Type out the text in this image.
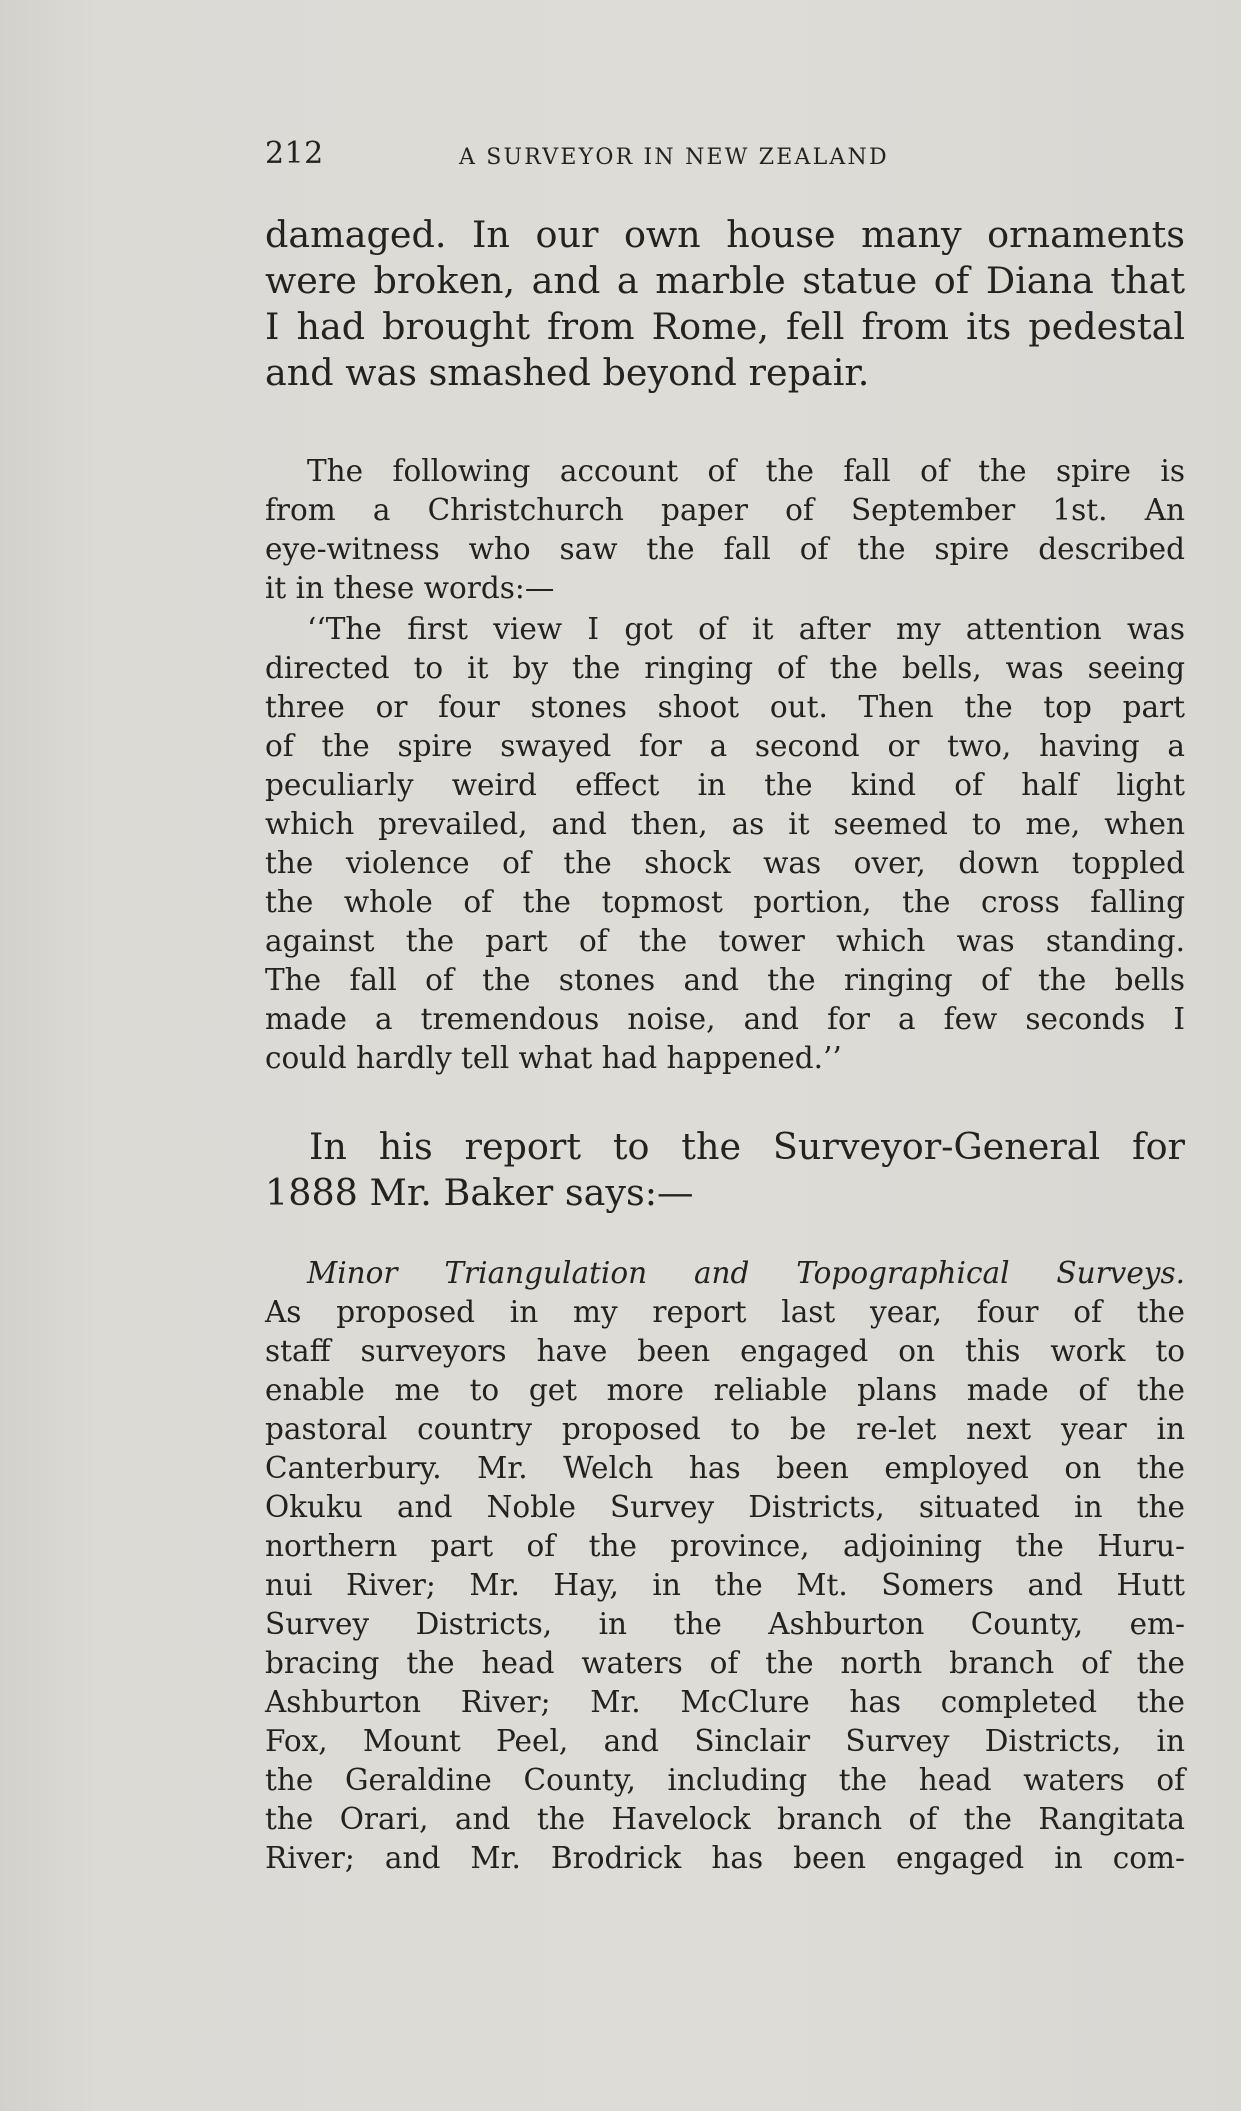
212	A SURVEYOR IN NEW ZEALAND
damaged. In our own house many ornaments
were broken, and a marble statue of Diana that
I had brought from Rome, fell from its pedestal
and was smashed beyond repair.
The following account of the fall of the spire is
from a Christchurch paper of September 1st. An
eye-witness who saw the fall of the spire described
it in these words:—
‘‘The first view I got of it after my attention was
directed to it by the ringing of the bells, was seeing
three or four stones shoot out. Then the top part
of the spire swayed for a second or two, having a
peculiarly weird effect in the kind of half light
which prevailed, and then, as it seemed to me, when
the violence of the shock was over, down toppled
the whole of the topmost portion, the cross falling
against the part of the tower which was standing.
The fall of the stones and the ringing of the bells
made a tremendous noise, and for a few seconds I
could hardly tell what had happened.’’
In his report to the Surveyor-General for
1888 Mr. Baker says:—
Minor Triangulation and Topographical Surveys.
As proposed in my report last year, four of the
staff surveyors have been engaged on this work to
enable me to get more reliable plans made of the
pastoral country proposed to be re-let next year in
Canterbury. Mr. Welch has been employed on the
Okuku and Noble Survey Districts, situated in the
northern part of the province, adjoining the Huru-
nui River; Mr. Hay, in the Mt. Somers and Hutt
Survey Districts, in the Ashburton County, em-
bracing the head waters of the north branch of the
Ashburton River; Mr. McClure has completed the
Fox, Mount Peel, and Sinclair Survey Districts, in
the Geraldine County, including the head waters of
the Orari, and the Havelock branch of the Rangitata
River; and Mr. Brodrick has been engaged in com-
